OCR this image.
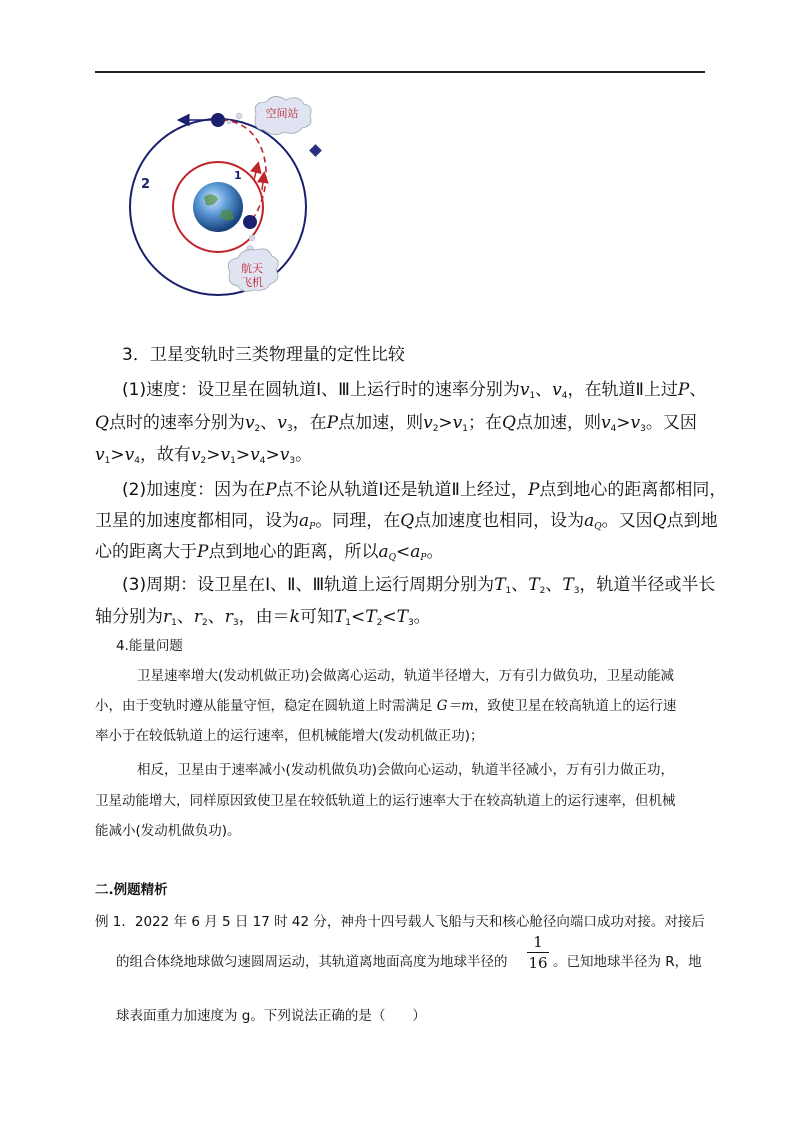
2
1
空间站
航天
飞机
3．卫星变轨时三类物理量的定性比较
(1)速度：设卫星在圆轨道Ⅰ、Ⅲ上运行时的速率分别为$v_1$、$v_4$，在轨道Ⅱ上过P、
Q点时的速率分别为$v_2$、$v_3$，在P点加速，则$v_2>v_1$；在Q点加速，则$v_4>v_3$。又因
$v_1>v_4$，故有$v_2>v_1>v_4>v_3$。
(2)加速度：因为在P点不论从轨道Ⅰ还是轨道Ⅱ上经过，P点到地心的距离都相同，
卫星的加速度都相同，设为$a_P$。同理，在Q点加速度也相同，设为$a_Q$。又因Q点到地
心的距离大于P点到地心的距离，所以$a_Q<a_P$。
(3)周期：设卫星在Ⅰ、Ⅱ、Ⅲ轨道上运行周期分别为$T_1$、$T_2$、$T_3$，轨道半径或半长
轴分别为$r_1$、$r_2$、$r_3$，由＝k可知$T_1<T_2<T_3$。
4.能量问题
卫星速率增大(发动机做正功)会做离心运动，轨道半径增大，万有引力做负功，卫星动能减
小，由于变轨时遵从能量守恒，稳定在圆轨道上时需满足 G＝m，致使卫星在较高轨道上的运行速
率小于在较低轨道上的运行速率，但机械能增大(发动机做正功)；
相反，卫星由于速率减小(发动机做负功)会做向心运动，轨道半径减小，万有引力做正功，
卫星动能增大，同样原因致使卫星在较低轨道上的运行速率大于在较高轨道上的运行速率，但机械
能减小(发动机做负功)。
二.例题精析
例 1．2022 年 6 月 5 日 17 时 42 分，神舟十四号载人飞船与天和核心舱径向端口成功对接。对接后
的组合体绕地球做匀速圆周运动，其轨道离地面高度为地球半径的 $\frac{1}{16}$ 。已知地球半径为 R，地
球表面重力加速度为 g。下列说法正确的是（　　）
